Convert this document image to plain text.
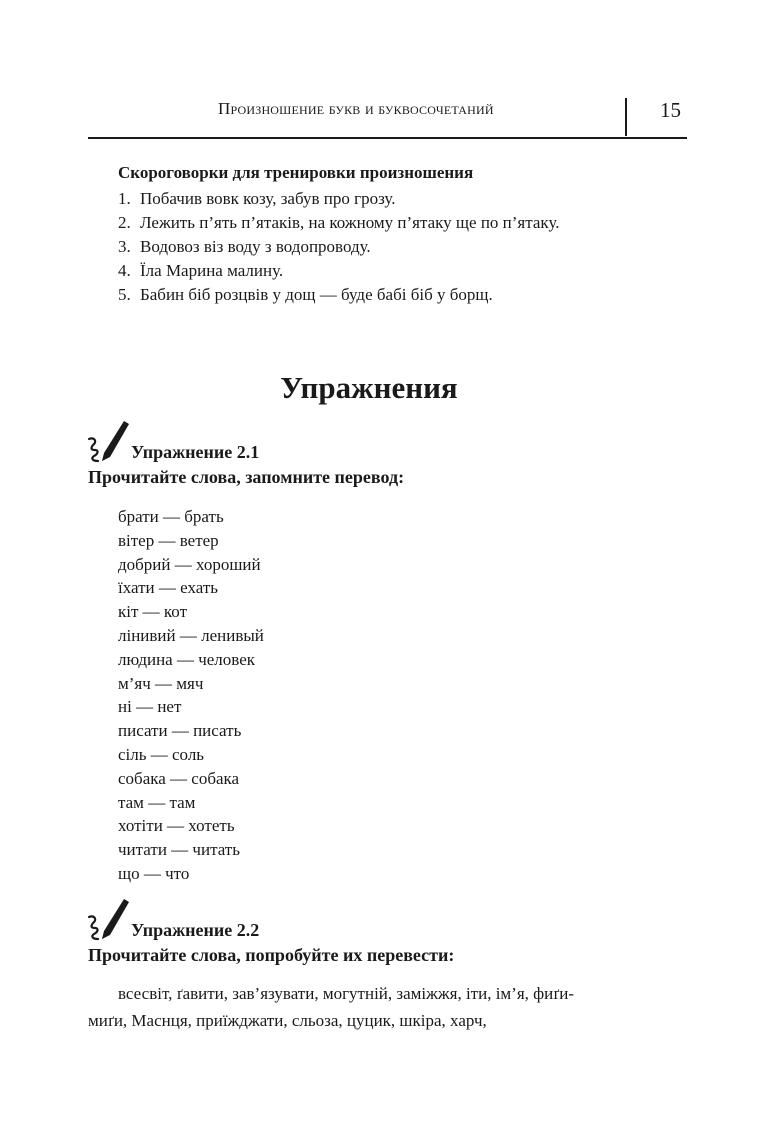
Произношение букв и буквосочетаний	15
Скороговорки для тренировки произношения
1. Побачив вовк козу, забув про грозу.
2. Лежить п’ять п’ятаків, на кожному п’ятаку ще по п’ятаку.
3. Водовоз віз воду з водопроводу.
4. Їла Марина малину.
5. Бабин біб розцвів у дощ — буде бабі біб у борщ.
Упражнения
Упражнение 2.1
Прочитайте слова, запомните перевод:
брати — брать
вітер — ветер
добрий — хороший
їхати — ехать
кіт — кот
лінивий — ленивый
людина — человек
м’яч — мяч
ні — нет
писати — писать
сіль — соль
собака — собака
там — там
хотіти — хотеть
читати — читать
що — что
Упражнение 2.2
Прочитайте слова, попробуйте их перевести:
всесвіт, ґавити, зав’язувати, могутній, заміжжя, іти, ім’я, фиґи-
миґи, Маснця, приїжджати, сльоза, цуцик, шкіра, харч,
